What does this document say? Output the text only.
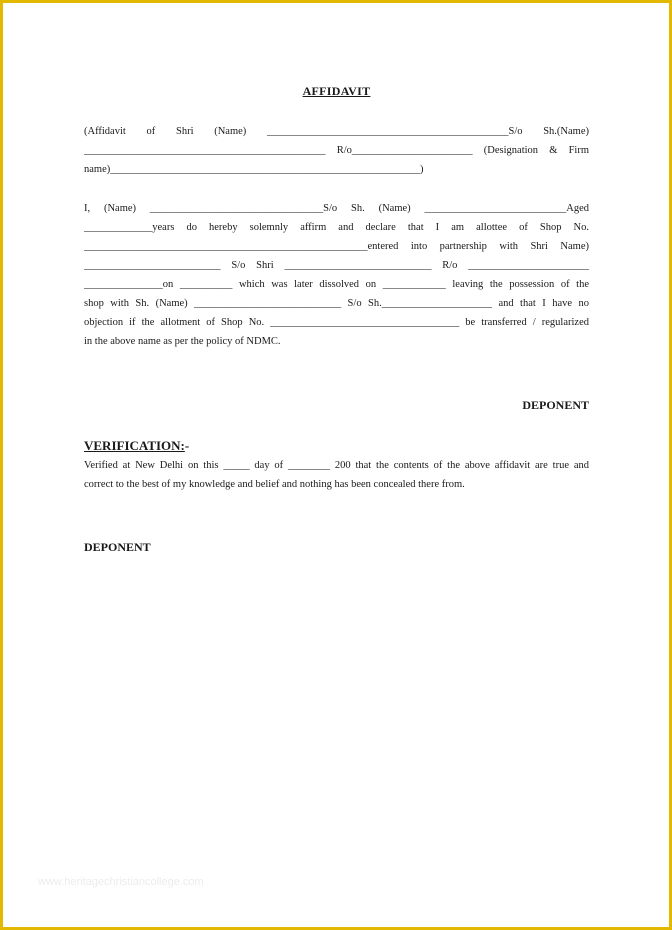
AFFIDAVIT
(Affidavit of Shri (Name) ______________________________________________S/o Sh.(Name)
______________________________________________ R/o_______________________ (Designation & Firm
name)___________________________________________________________)
I, (Name) _________________________________S/o Sh. (Name) ___________________________Aged
_____________years do hereby solemnly affirm and declare that I am allottee of Shop No.
______________________________________________________entered into partnership with Shri Name)
__________________________ S/o Shri ____________________________ R/o _______________________
_______________on __________ which was later dissolved on ____________ leaving the possession of the
shop with Sh. (Name) ____________________________ S/o Sh._____________________ and that I have no
objection if the allotment of Shop No. ____________________________________ be transferred / regularized
in the above name as per the policy of NDMC.
DEPONENT
VERIFICATION:-
Verified at New Delhi on this _____ day of ________ 200 that the contents of the above affidavit are true and
correct to the best of my knowledge and belief and nothing has been concealed there from.
DEPONENT
www.heritagechristiancollege.com
